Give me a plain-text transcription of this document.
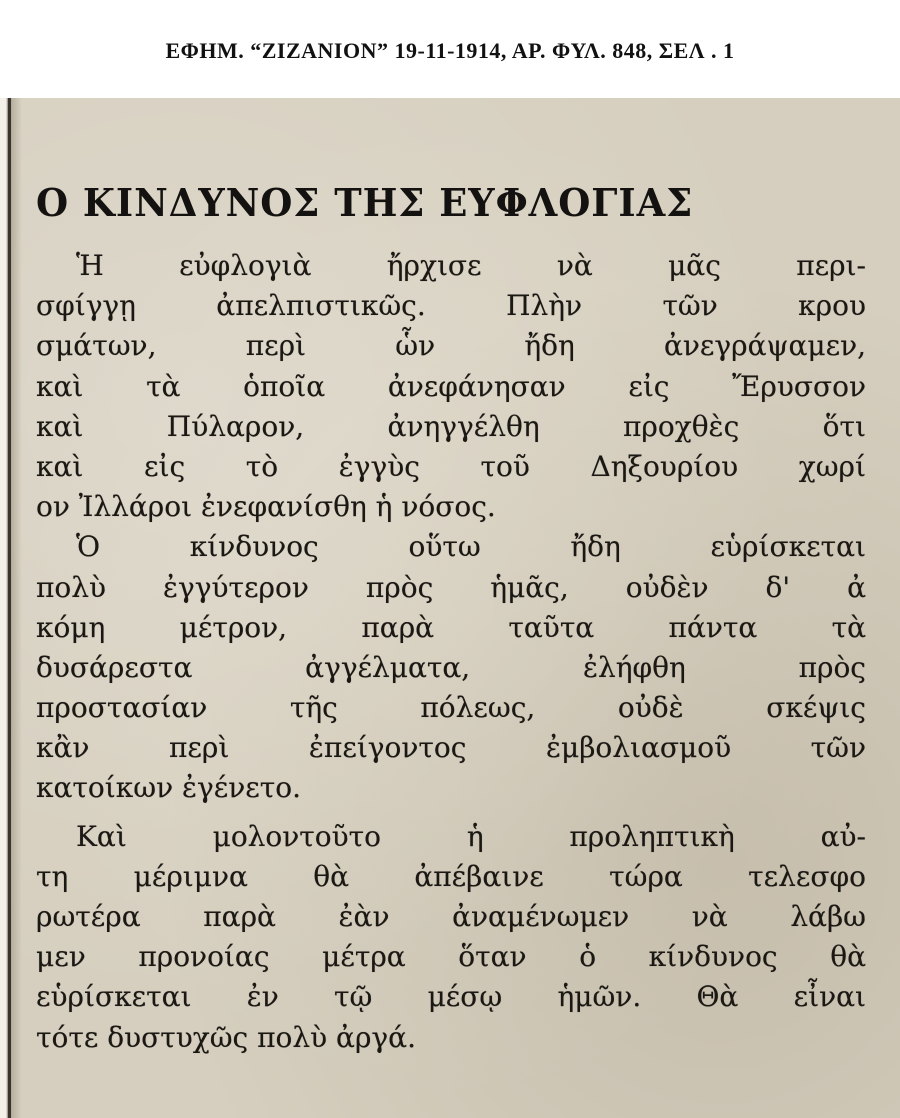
ΕΦΗΜ. “ΖΙΖΑΝΙΟΝ” 19-11-1914, ΑΡ. ΦΥΛ. 848, ΣΕΛ . 1
Ο ΚΙΝΔΥΝΟΣ ΤΗΣ ΕΥΦΛΟΓΙΑΣ
Ἡ εὐφλογιὰ ἤρχισε νὰ μᾶς περι-
σφίγγῃ ἀπελπιστικῶς. Πλὴν τῶν κρου
σμάτων, περὶ ὧν ἤδη ἀνεγράψαμεν,
καὶ τὰ ὁποῖα ἀνεφάνησαν εἰς Ἔρυσσον
καὶ Πύλαρον, ἀνηγγέλθη προχθὲς ὅτι
καὶ εἰς τὸ ἐγγὺς τοῦ Δηξουρίου χωρί
ον Ἰλλάροι ἐνεφανίσθη ἡ νόσος.
Ὁ κίνδυνος οὕτω ἤδη εὑρίσκεται
πολὺ ἐγγύτερον πρὸς ἡμᾶς, οὐδὲν δ' ἀ
κόμη μέτρον, παρὰ ταῦτα πάντα τὰ
δυσάρεστα ἀγγέλματα, ἐλήφθη πρὸς
προστασίαν τῆς πόλεως, οὐδὲ σκέψις
κἂν περὶ ἐπείγοντος ἐμβολιασμοῦ τῶν
κατοίκων ἐγένετο.
Καὶ μολοντοῦτο ἡ προληπτικὴ αὐ-
τη μέριμνα θὰ ἀπέβαινε τώρα τελεσφο
ρωτέρα παρὰ ἐὰν ἀναμένωμεν νὰ λάβω
μεν προνοίας μέτρα ὅταν ὁ κίνδυνος θὰ
εὑρίσκεται ἐν τῷ μέσῳ ἡμῶν. Θὰ εἶναι
τότε δυστυχῶς πολὺ ἀργά.
